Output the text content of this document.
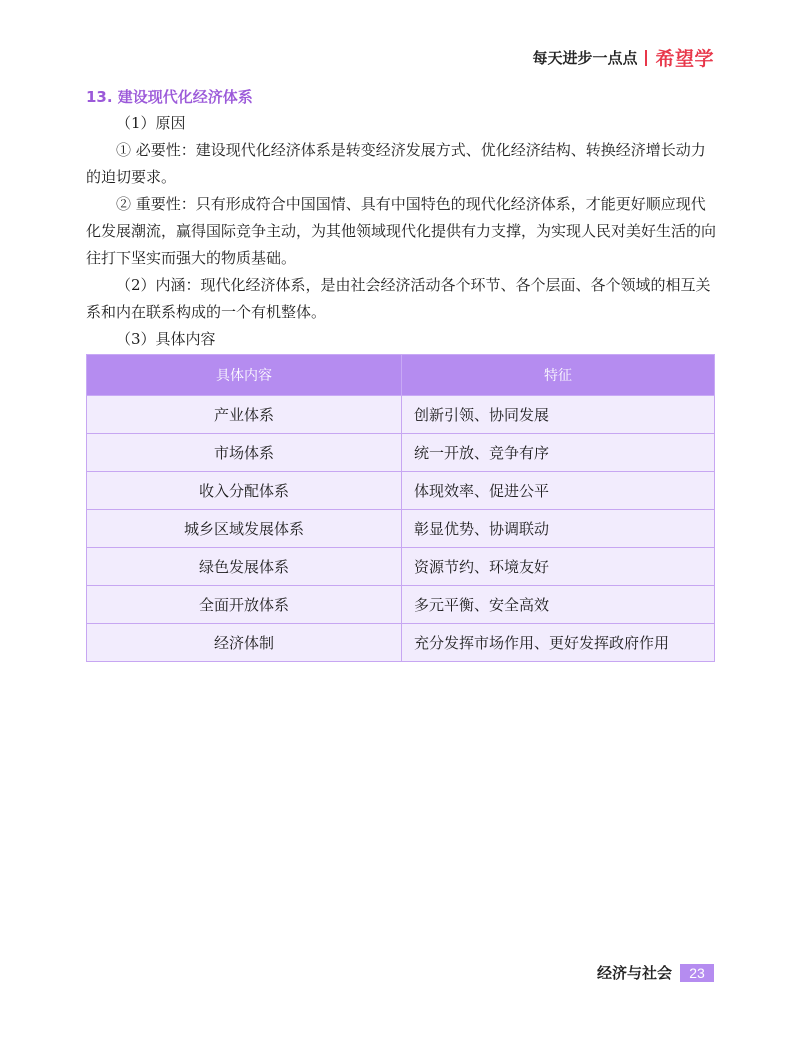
每天进步一点点 希望学
13. 建设现代化经济体系

（1）原因

① 必要性：建设现代化经济体系是转变经济发展方式、优化经济结构、转换经济增长动力的迫切要求。

② 重要性：只有形成符合中国国情、具有中国特色的现代化经济体系，才能更好顺应现代化发展潮流，赢得国际竞争主动，为其他领域现代化提供有力支撑，为实现人民对美好生活的向往打下坚实而强大的物质基础。

（2）内涵：现代化经济体系，是由社会经济活动各个环节、各个层面、各个领域的相互关系和内在联系构成的一个有机整体。

（3）具体内容

具体内容	特征
产业体系	创新引领、协同发展
市场体系	统一开放、竞争有序
收入分配体系	体现效率、促进公平
城乡区域发展体系	彰显优势、协调联动
绿色发展体系	资源节约、环境友好
全面开放体系	多元平衡、安全高效
经济体制	充分发挥市场作用、更好发挥政府作用
经济与社会	23
